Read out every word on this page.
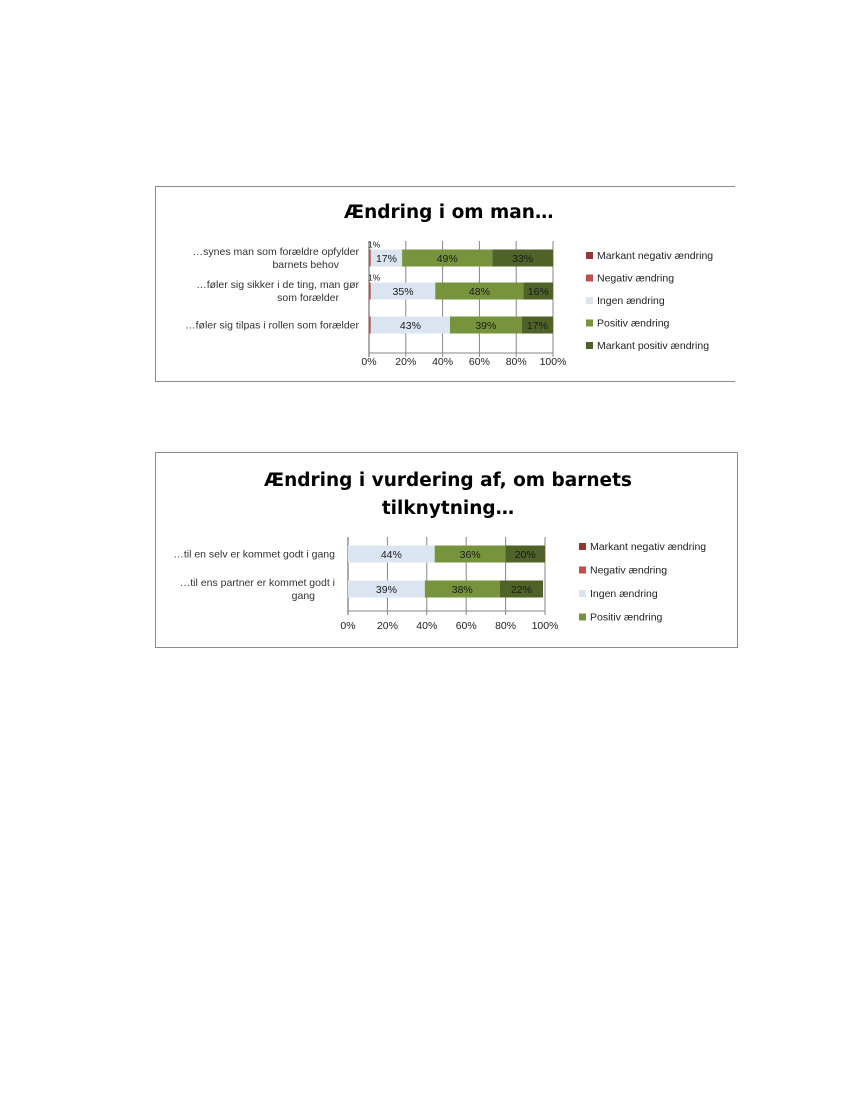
Ændring i om man…
0% 20% 40% 60% 80% 100%
…synes man som forældre opfylder barnets behov
…føler sig sikker i de ting, man gør som forælder
…føler sig tilpas i rollen som forælder
1%
17%	49%	33%
1%
35%	48%	16%
43%	39%	17%
Markant negativ ændring
Negativ ændring
Ingen ændring
Positiv ændring
Markant positiv ændring
Ændring i vurdering af, om barnets tilknytning…
0% 20% 40% 60% 80% 100%
…til en selv er kommet godt i gang
…til ens partner er kommet godt i gang
44%	36%	20%
39%	38%	22%
Markant negativ ændring
Negativ ændring
Ingen ændring
Positiv ændring
